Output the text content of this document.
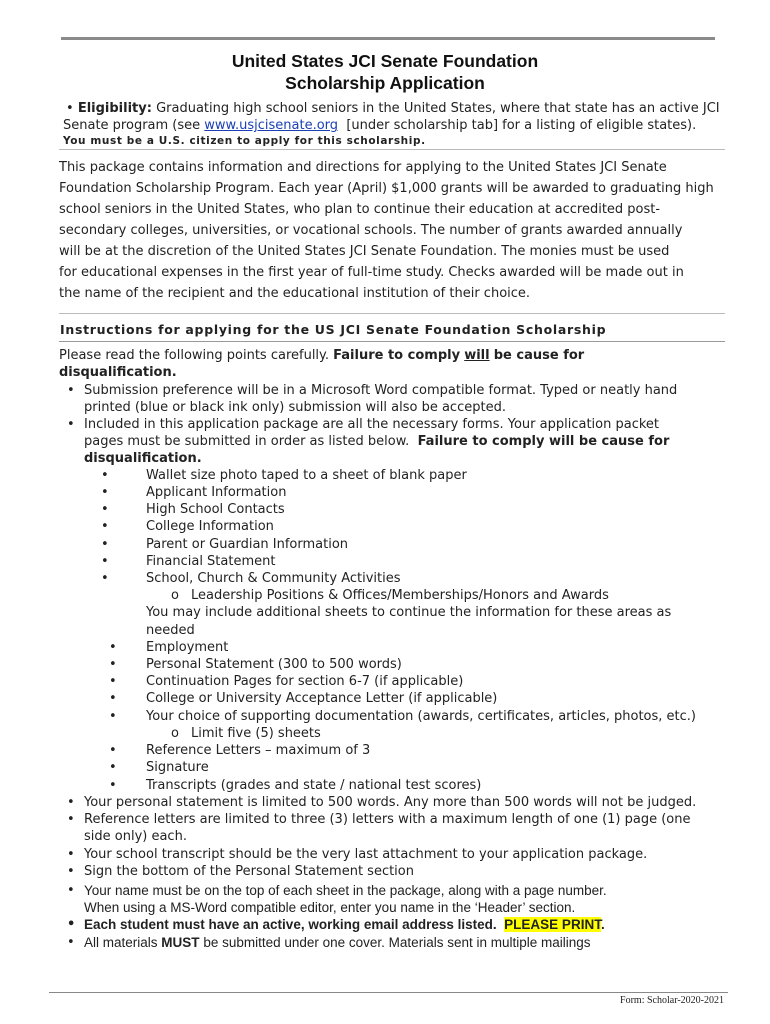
United States JCI Senate Foundation
Scholarship Application
• Eligibility: Graduating high school seniors in the United States, where that state has an active JCI
Senate program (see www.usjcisenate.org [under scholarship tab] for a listing of eligible states).
You must be a U.S. citizen to apply for this scholarship.
This package contains information and directions for applying to the United States JCI Senate
Foundation Scholarship Program. Each year (April) $1,000 grants will be awarded to graduating high
school seniors in the United States, who plan to continue their education at accredited post-
secondary colleges, universities, or vocational schools. The number of grants awarded annually
will be at the discretion of the United States JCI Senate Foundation. The monies must be used
for educational expenses in the first year of full-time study. Checks awarded will be made out in
the name of the recipient and the educational institution of their choice.
Instructions for applying for the US JCI Senate Foundation Scholarship
Please read the following points carefully. Failure to comply will be cause for
disqualification.
• Submission preference will be in a Microsoft Word compatible format. Typed or neatly hand
printed (blue or black ink only) submission will also be accepted.
• Included in this application package are all the necessary forms. Your application packet
pages must be submitted in order as listed below. Failure to comply will be cause for
disqualification.
•	Wallet size photo taped to a sheet of blank paper
•	Applicant Information
•	High School Contacts
•	College Information
•	Parent or Guardian Information
•	Financial Statement
•	School, Church & Community Activities
o Leadership Positions & Offices/Memberships/Honors and Awards
You may include additional sheets to continue the information for these areas as
needed
• Employment
• Personal Statement (300 to 500 words)
• Continuation Pages for section 6-7 (if applicable)
• College or University Acceptance Letter (if applicable)
• Your choice of supporting documentation (awards, certificates, articles, photos, etc.)
o Limit five (5) sheets
• Reference Letters – maximum of 3
• Signature
• Transcripts (grades and state / national test scores)
• Your personal statement is limited to 500 words. Any more than 500 words will not be judged.
• Reference letters are limited to three (3) letters with a maximum length of one (1) page (one
side only) each.
• Your school transcript should be the very last attachment to your application package.
• Sign the bottom of the Personal Statement section
• Your name must be on the top of each sheet in the package, along with a page number.
When using a MS-Word compatible editor, enter you name in the ‘Header’ section.
• Each student must have an active, working email address listed. PLEASE PRINT.
• All materials MUST be submitted under one cover. Materials sent in multiple mailings
Form: Scholar-2020-2021
